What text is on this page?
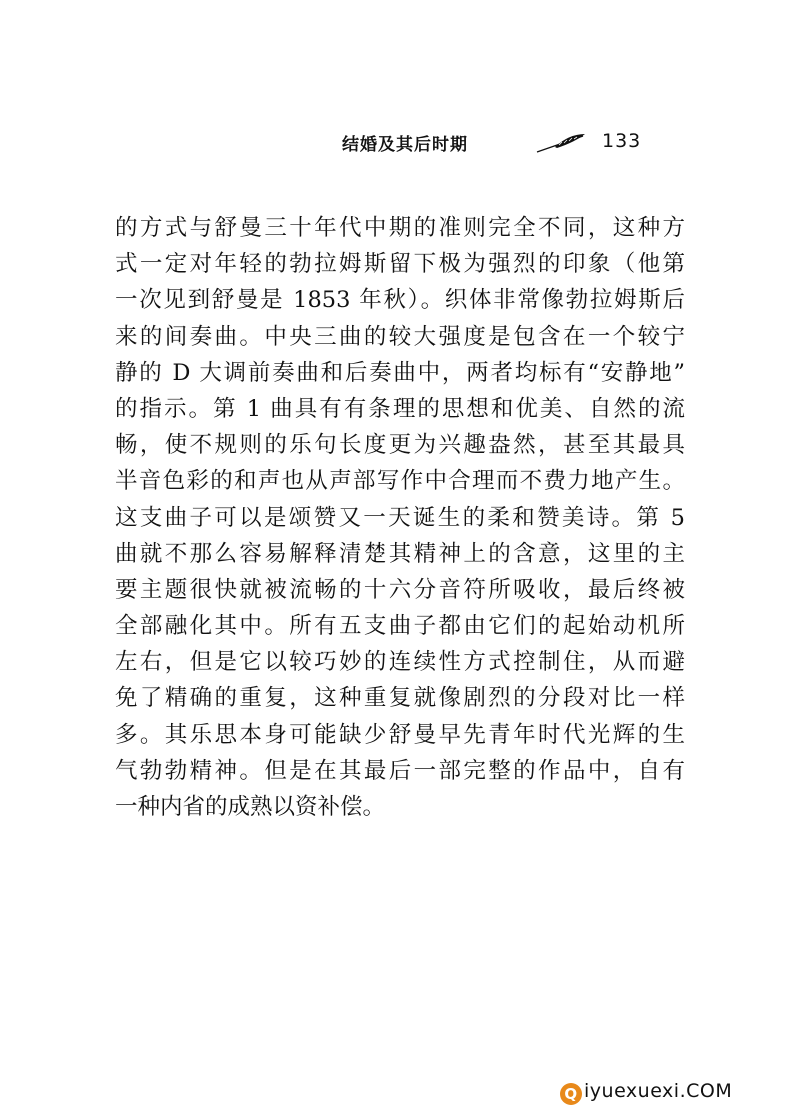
结婚及其后时期	133
的方式与舒曼三十年代中期的准则完全不同，这种方
式一定对年轻的勃拉姆斯留下极为强烈的印象（他第
一次见到舒曼是 1853 年秋）。织体非常像勃拉姆斯后
来的间奏曲。中央三曲的较大强度是包含在一个较宁
静的 D 大调前奏曲和后奏曲中，两者均标有“安静地”
的指示。第 1 曲具有有条理的思想和优美、自然的流
畅，使不规则的乐句长度更为兴趣盎然，甚至其最具
半音色彩的和声也从声部写作中合理而不费力地产生。
这支曲子可以是颂赞又一天诞生的柔和赞美诗。第 5
曲就不那么容易解释清楚其精神上的含意，这里的主
要主题很快就被流畅的十六分音符所吸收，最后终被
全部融化其中。所有五支曲子都由它们的起始动机所
左右，但是它以较巧妙的连续性方式控制住，从而避
免了精确的重复，这种重复就像剧烈的分段对比一样
多。其乐思本身可能缺少舒曼早先青年时代光辉的生
气勃勃精神。但是在其最后一部完整的作品中，自有
一种内省的成熟以资补偿。
Q iyuexuexi.COM
